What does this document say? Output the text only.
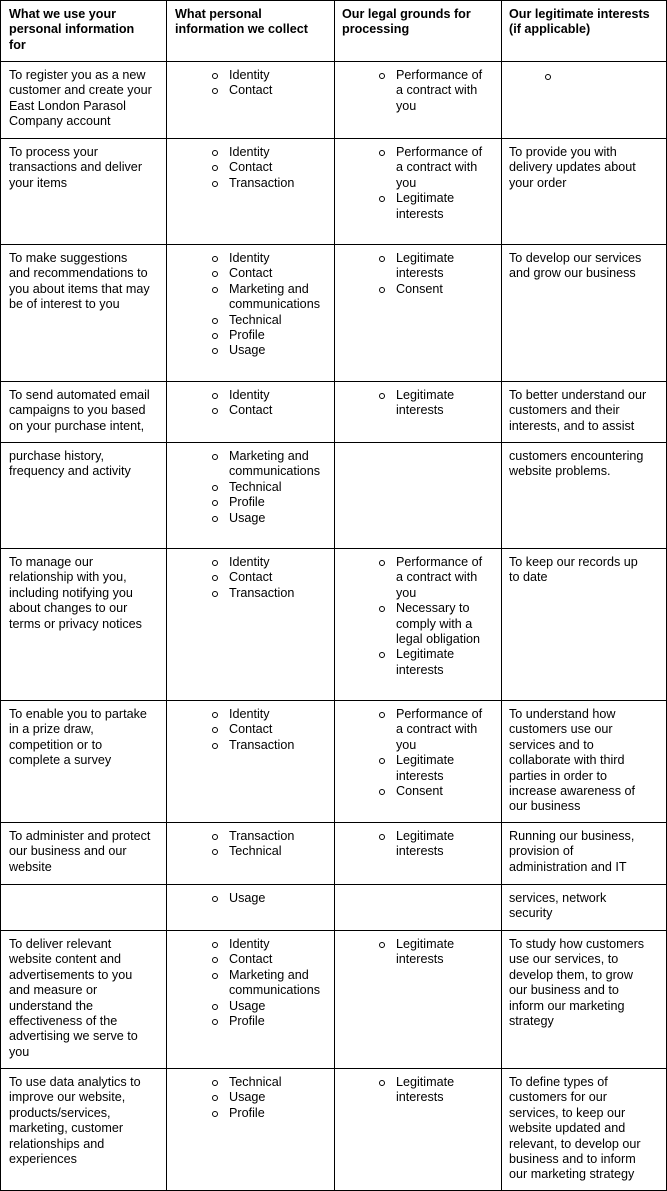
What we use your
personal information
for
What personal
information we collect
Our legal grounds for
processing
Our legitimate interests
(if applicable)
To register you as a new
customer and create your
East London Parasol
Company account
Identity
Contact
Performance of
a contract with
you
To process your
transactions and deliver
your items
Identity
Contact
Transaction
Performance of
a contract with
you
Legitimate
interests
To provide you with
delivery updates about
your order
To make suggestions
and recommendations to
you about items that may
be of interest to you
Identity
Contact
Marketing and
communications
Technical
Profile
Usage
Legitimate
interests
Consent
To develop our services
and grow our business
To send automated email
campaigns to you based
on your purchase intent,
Identity
Contact
Legitimate
interests
To better understand our
customers and their
interests, and to assist
purchase history,
frequency and activity
Marketing and
communications
Technical
Profile
Usage
customers encountering
website problems.
To manage our
relationship with you,
including notifying you
about changes to our
terms or privacy notices
Identity
Contact
Transaction
Performance of
a contract with
you
Necessary to
comply with a
legal obligation
Legitimate
interests
To keep our records up
to date
To enable you to partake
in a prize draw,
competition or to
complete a survey
Identity
Contact
Transaction
Performance of
a contract with
you
Legitimate
interests
Consent
To understand how
customers use our
services and to
collaborate with third
parties in order to
increase awareness of
our business
To administer and protect
our business and our
website
Transaction
Technical
Legitimate
interests
Running our business,
provision of
administration and IT
Usage	services, network
security
To deliver relevant
website content and
advertisements to you
and measure or
understand the
effectiveness of the
advertising we serve to
you
Identity
Contact
Marketing and
communications
Usage
Profile
Legitimate
interests
To study how customers
use our services, to
develop them, to grow
our business and to
inform our marketing
strategy
To use data analytics to
improve our website,
products/services,
marketing, customer
relationships and
experiences
Technical
Usage
Profile
Legitimate
interests
To define types of
customers for our
services, to keep our
website updated and
relevant, to develop our
business and to inform
our marketing strategy
